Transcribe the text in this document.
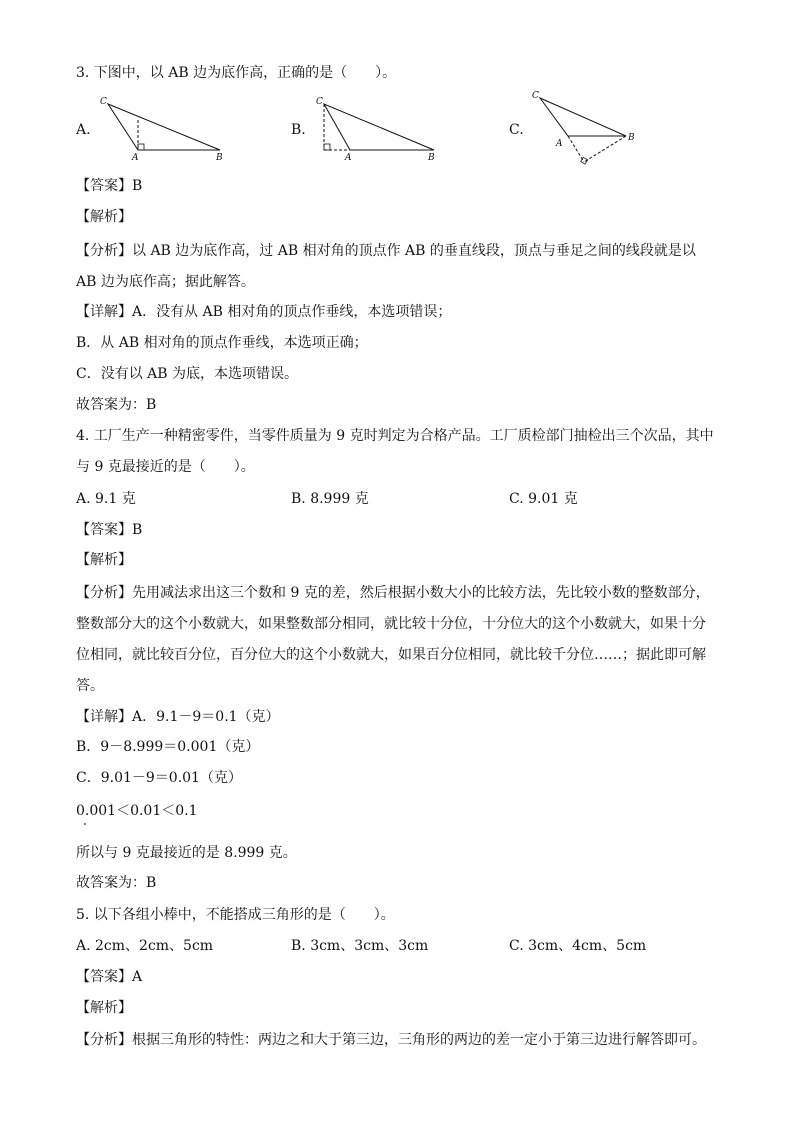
3. 下图中，以 AB 边为底作高，正确的是（　　）。
A.
C
A	B
B.
C
A	B
C.
C
A
B
【答案】B
【解析】
【分析】以 AB 边为底作高，过 AB 相对角的顶点作 AB 的垂直线段，顶点与垂足之间的线段就是以 AB 边为底作高；据此解答。
【详解】A．没有从 AB 相对角的顶点作垂线，本选项错误；
B．从 AB 相对角的顶点作垂线，本选项正确；
C．没有以 AB 为底，本选项错误。
故答案为：B
4. 工厂生产一种精密零件，当零件质量为 9 克时判定为合格产品。工厂质检部门抽检出三个次品，其中与 9 克最接近的是（　　）。
A. 9.1 克	B. 8.999 克	C. 9.01 克
【答案】B
【解析】
【分析】先用减法求出这三个数和 9 克的差，然后根据小数大小的比较方法，先比较小数的整数部分，整数部分大的这个小数就大，如果整数部分相同，就比较十分位，十分位大的这个小数就大，如果十分位相同，就比较百分位，百分位大的这个小数就大，如果百分位相同，就比较千分位……；据此即可解答。
【详解】A．9.1－9＝0.1（克）
B．9－8.999＝0.001（克）
C．9.01－9＝0.01（克）
0.001＜0.01＜0.1
所以与 9 克最接近的是 8.999 克。
故答案为：B
5. 以下各组小棒中，不能搭成三角形的是（　　）。
A. 2cm、2cm、5cm	B. 3cm、3cm、3cm	C. 3cm、4cm、5cm
【答案】A
【解析】
【分析】根据三角形的特性：两边之和大于第三边，三角形的两边的差一定小于第三边进行解答即可。
